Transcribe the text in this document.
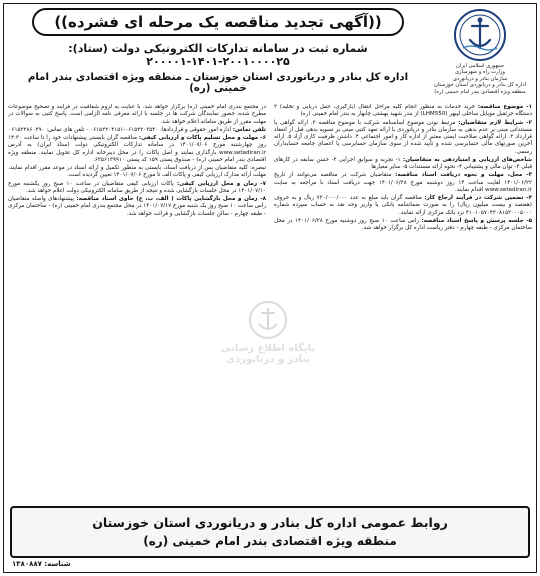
جمهوری اسلامی ایران
وزارت راه و شهرسازی
سازمان بنادر و دریانوردی
اداره کل بنادر و دریانوردی استان خوزستان
منطقه ویژه اقتصادی بندر امام خمینی (ره)
((آگهی تجدید مناقصه یک مرحله ای فشرده))
شماره ثبت در سامانه تدارکات الکترونیکی دولت (ستاد): ۲۰۰۱۰۰۰۰۲۵-۱۴۰۱-۲۰۰۰۰۱
اداره کل بنادر و دریانوردی استان خوزستان ـ منطقه ویژه اقتصادی بندر امام خمینی (ره)

۱- موضوع مناقصه: خرید خدمات به منظور انجام کلیه مراحل انتقال (بارگیری، حمل دریایی و تخلیه) ۲ دستگاه جرثقیل موبایل ساحلی لیبهر (LHM550) از بندر شهید بهشتی چابهار به بندر امام خمینی (ره)

۲- شرایط لازم متقاضیان: مرتبط بودن موضوع اساسنامه شرکت با موضوع مناقصه ۲. ارائه گواهی یا مستنداتی مبنی بر عدم بدهی به سازمان بنادر و دریانوردی یا ارائه تعهد کتبی مبنی بر تسویه بدهی قبل از انعقاد قرارداد ۳. ارائه گواهی صلاحیت ایمنی معتبر از اداره کار و امور اجتماعی ۴. داشتن ظرفیت کاری آزاد ۵. ارائه آخرین صورتهای مالی حسابرسی شده و تأیید شده از سوی سازمان حسابرسی یا اعضای جامعه حسابداران رسمی.

شاخص‌های ارزیابی و امتیازدهی به متقاضیان: ۱- تجربه و سوابق اجرایی ۲- حسن سابقه در کارهای قبلی ۳- توان مالی و پشتیبانی ۴- نحوه ارائه مستندات ۵- سایر معیارها

۳- محل، مهلت و نحوه دریافت اسناد مناقصه: متقاضیان شرکت در مناقصه می‌توانند از تاریخ ۱۴۰۱/۰۶/۲۲ لغایت ساعت ۱۴ روز دوشنبه مورخ ۱۴۰۱/۰۶/۲۸ جهت دریافت اسناد با مراجعه به سایت www.setadiran.ir اقدام نمایند.

۴- تضمین شرکت در فرآیند ارجاع کار: مناقصه گران باید مبلغ به عدد ۷۲۰/۰۰۰/۰۰۰ ریال و به حروف (هفتصد و بیست میلیون ریال) را به صورت ضمانتنامه بانکی یا واریز وجه نقد به حساب سپرده شماره ۴۱۰۱۰۵۷۰۴۳۰۸۱۵۲۰۰۰۵۰۰۰ نزد بانک مرکزی ارائه نمایند.

۵- جلسه پرسش و پاسخ اسناد مناقصه: راس ساعت ۱۰ صبح روز دوشنبه مورخ ۱۴۰۱/۰۶/۲۸ در محل ساختمان مرکزی - طبقه چهارم - دفتر ریاست اداره کل برگزار خواهد شد.

در مجتمع بندری امام خمینی (ره) برگزار خواهد شد. با عنایت به لزوم شفافیت در فرآیند و تصحیح موضوعات مطرح شده، حضور نمایندگان شرکت ها در جلسه با ارائه معرفی نامه الزامی است. پاسخ کتبی به سوالات در مهلت مقرر از طریق سامانه اعلام خواهد شد.

تلفن تماس: اداره امور حقوقی و قراردادها: ۰۶۱۵۲۲۰۳۵۴۰-۰۶۱۵۲۲۰۴۱۵۱ - تلفن های تماس: ۰۶۱۵۲۲۸۶۰۴۹۰

۶- مهلت و محل تسلیم پاکات و ارزیابی کیفی: مناقصه گران بایستی پیشنهادات خود را تا ساعت ۱۴:۳۰ روز چهارشنبه مورخ ۱۴۰۱/۰۷/۰۶ در سامانه تدارکات الکترونیکی دولت (ستاد ایران) به آدرس www.setadiran.ir بارگذاری نمایند و اصل پاکات را در محل دبیرخانه اداره کل تحویل نمایند. منطقه ویژه اقتصادی بندر امام خمینی (ره) - صندوق پستی ۱۵۹ کد پستی ۶۳۵۶۱۳۹۹۱۰.

تبصره: کلیه متقاضیان پس از دریافت اسناد، بایستی به منظور تکمیل و ارائه اسناد در موعد مقرر اقدام نمایند. مهلت ارائه مدارک ارزیابی کیفی و پاکات الف تا مورخ ۱۴۰۱/۰۷/۰۶ تعیین گردیده است.

۷- زمان و محل ارزیابی کیفی: پاکات ارزیابی کیفی متقاضیان در ساعت ۱۰ صبح روز یکشنبه مورخ ۱۴۰۱/۰۷/۱۰ در محل جلسات بازگشایی شده و نتیجه از طریق سامانه الکترونیکی دولت اعلام خواهد شد.

۸- زمان و محل بازگشایی پاکات ( الف، ب، ج) حاوی اسناد مناقصه: پیشنهادهای واصله متقاضیان راس ساعت ۱۰ صبح روز یک شنبه مورخ ۱۴۰۱/۰۷/۱۷ در محل مجتمع بندری امام خمینی (ره) - ساختمان مرکزی - طبقه چهارم - سالن جلسات بازگشایی و قرائت خواهد شد.

پایگاه اطلاع رسانی
بنادر و دریانوردی
روابط عمومی اداره کل بنادر و دریانوردی استان خوزستان
منطقه ویژه اقتصادی بندر امام خمینی (ره)
شناسه: ۱۳۸۰۸۸۷
